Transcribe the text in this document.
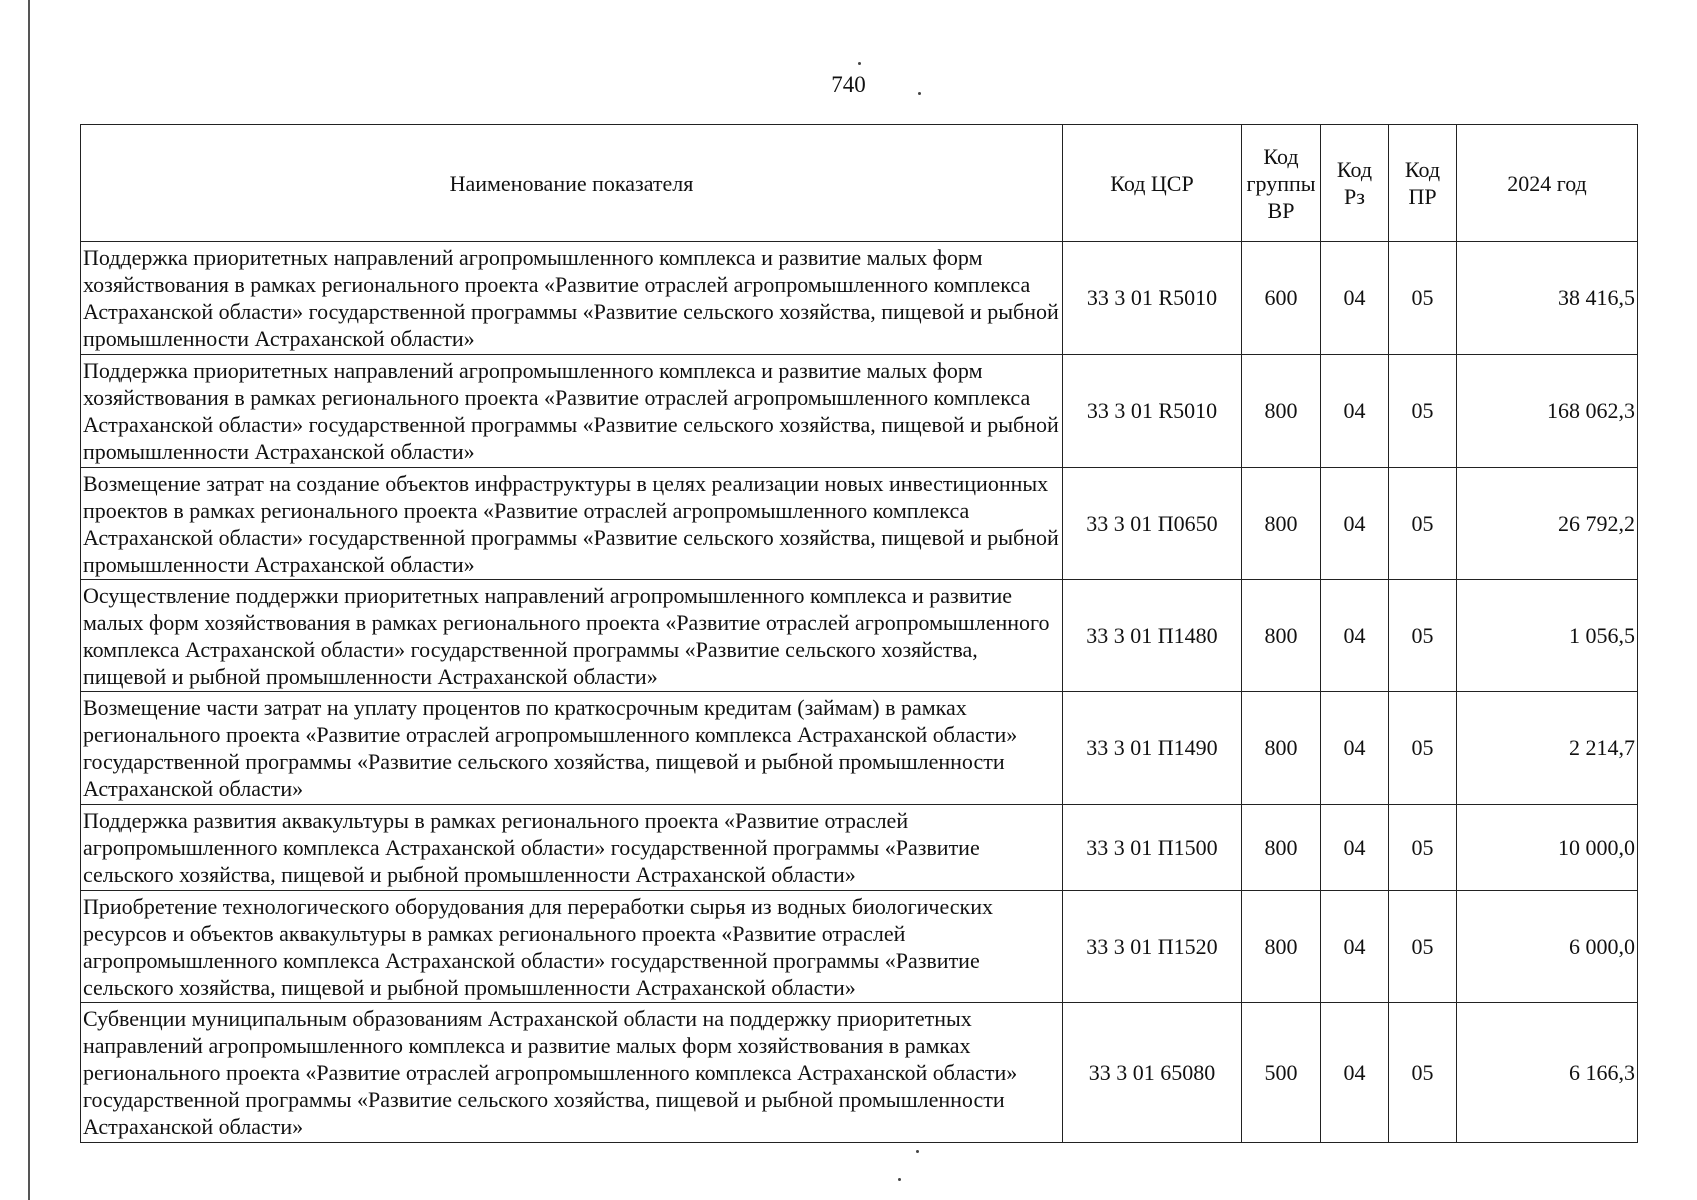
740
Наименование показателя	Код ЦСР	Код группы ВР	Код Рз	Код ПР	2024 год
Поддержка приоритетных направлений агропромышленного комплекса и развитие малых форм хозяйствования в рамках регионального проекта «Развитие отраслей агропромышленного комплекса Астраханской области» государственной программы «Развитие сельского хозяйства, пищевой и рыбной промышленности Астраханской области»	33 3 01 R5010	600	04	05	38 416,5
Поддержка приоритетных направлений агропромышленного комплекса и развитие малых форм хозяйствования в рамках регионального проекта «Развитие отраслей агропромышленного комплекса Астраханской области» государственной программы «Развитие сельского хозяйства, пищевой и рыбной промышленности Астраханской области»	33 3 01 R5010	800	04	05	168 062,3
Возмещение затрат на создание объектов инфраструктуры в целях реализации новых инвестиционных проектов в рамках регионального проекта «Развитие отраслей агропромышленного комплекса Астраханской области» государственной программы «Развитие сельского хозяйства, пищевой и рыбной промышленности Астраханской области»	33 3 01 П0650	800	04	05	26 792,2
Осуществление поддержки приоритетных направлений агропромышленного комплекса и развитие малых форм хозяйствования в рамках регионального проекта «Развитие отраслей агропромышленного комплекса Астраханской области» государственной программы «Развитие сельского хозяйства, пищевой и рыбной промышленности Астраханской области»	33 3 01 П1480	800	04	05	1 056,5
Возмещение части затрат на уплату процентов по краткосрочным кредитам (займам) в рамках регионального проекта «Развитие отраслей агропромышленного комплекса Астраханской области» государственной программы «Развитие сельского хозяйства, пищевой и рыбной промышленности Астраханской области»	33 3 01 П1490	800	04	05	2 214,7
Поддержка развития аквакультуры в рамках регионального проекта «Развитие отраслей агропромышленного комплекса Астраханской области» государственной программы «Развитие сельского хозяйства, пищевой и рыбной промышленности Астраханской области»	33 3 01 П1500	800	04	05	10 000,0
Приобретение технологического оборудования для переработки сырья из водных биологических ресурсов и объектов аквакультуры в рамках регионального проекта «Развитие отраслей агропромышленного комплекса Астраханской области» государственной программы «Развитие сельского хозяйства, пищевой и рыбной промышленности Астраханской области»	33 3 01 П1520	800	04	05	6 000,0
Субвенции муниципальным образованиям Астраханской области на поддержку приоритетных направлений агропромышленного комплекса и развитие малых форм хозяйствования в рамках регионального проекта «Развитие отраслей агропромышленного комплекса Астраханской области» государственной программы «Развитие сельского хозяйства, пищевой и рыбной промышленности Астраханской области»	33 3 01 65080	500	04	05	6 166,3
